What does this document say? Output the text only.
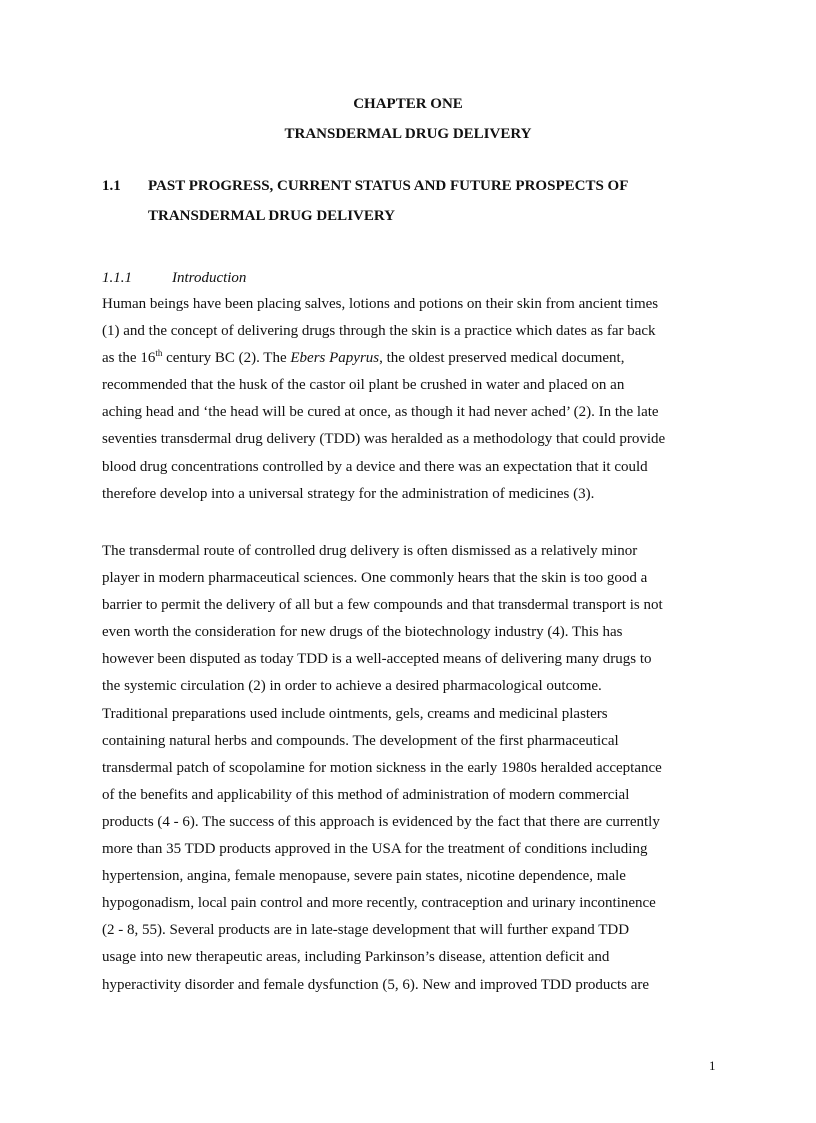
CHAPTER ONE
TRANSDERMAL DRUG DELIVERY
1.1 PAST PROGRESS, CURRENT STATUS AND FUTURE PROSPECTS OF
TRANSDERMAL DRUG DELIVERY
1.1.1	Introduction
Human beings have been placing salves, lotions and potions on their skin from ancient times
(1) and the concept of delivering drugs through the skin is a practice which dates as far back
as the 16th century BC (2). The Ebers Papyrus, the oldest preserved medical document,
recommended that the husk of the castor oil plant be crushed in water and placed on an
aching head and ‘the head will be cured at once, as though it had never ached’ (2). In the late
seventies transdermal drug delivery (TDD) was heralded as a methodology that could provide
blood drug concentrations controlled by a device and there was an expectation that it could
therefore develop into a universal strategy for the administration of medicines (3).
The transdermal route of controlled drug delivery is often dismissed as a relatively minor
player in modern pharmaceutical sciences. One commonly hears that the skin is too good a
barrier to permit the delivery of all but a few compounds and that transdermal transport is not
even worth the consideration for new drugs of the biotechnology industry (4). This has
however been disputed as today TDD is a well-accepted means of delivering many drugs to
the systemic circulation (2) in order to achieve a desired pharmacological outcome.
Traditional preparations used include ointments, gels, creams and medicinal plasters
containing natural herbs and compounds. The development of the first pharmaceutical
transdermal patch of scopolamine for motion sickness in the early 1980s heralded acceptance
of the benefits and applicability of this method of administration of modern commercial
products (4 - 6). The success of this approach is evidenced by the fact that there are currently
more than 35 TDD products approved in the USA for the treatment of conditions including
hypertension, angina, female menopause, severe pain states, nicotine dependence, male
hypogonadism, local pain control and more recently, contraception and urinary incontinence
(2 - 8, 55). Several products are in late-stage development that will further expand TDD
usage into new therapeutic areas, including Parkinson’s disease, attention deficit and
hyperactivity disorder and female dysfunction (5, 6). New and improved TDD products are
1
